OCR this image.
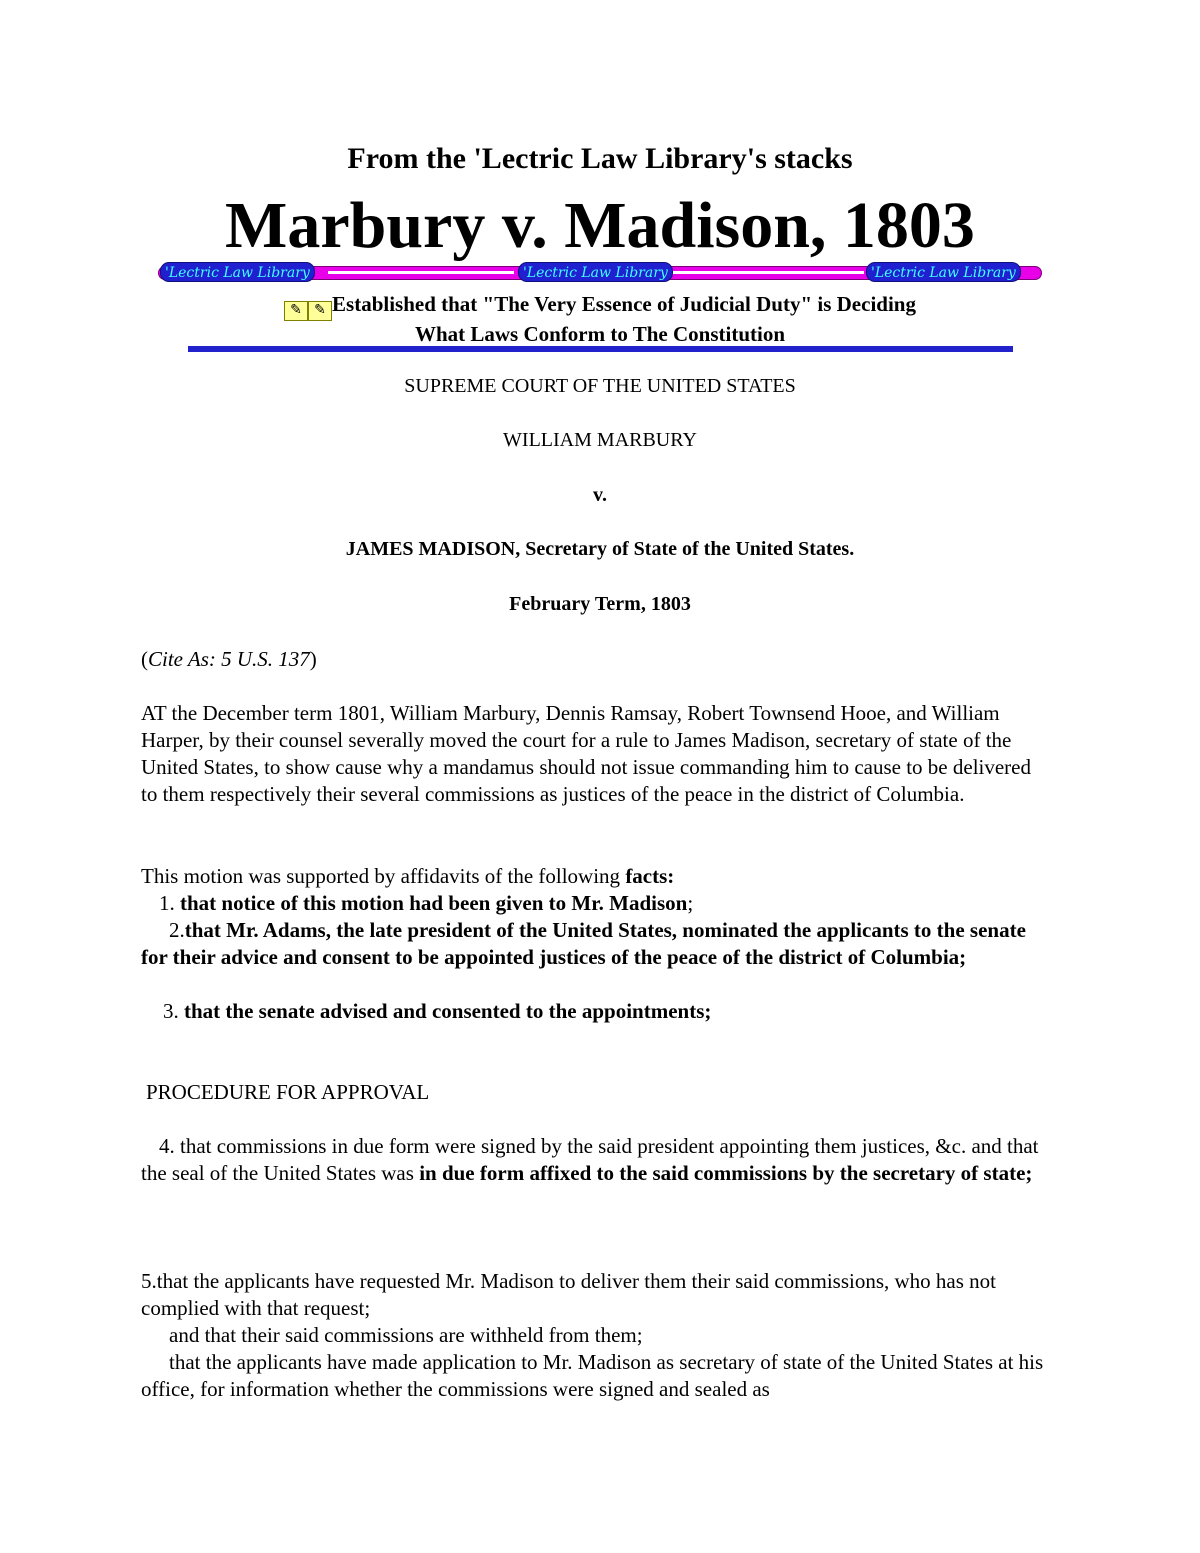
From the 'Lectric Law Library's stacks
Marbury v. Madison, 1803
'Lectric Law Library	'Lectric Law Library	'Lectric Law Library
✎ ✎ Established that "The Very Essence of Judicial Duty" is Deciding
What Laws Conform to The Constitution
SUPREME COURT OF THE UNITED STATES
WILLIAM MARBURY
v.
JAMES MADISON, Secretary of State of the United States.
February Term, 1803
(Cite As: 5 U.S. 137)
AT the December term 1801, William Marbury, Dennis Ramsay, Robert Townsend Hooe, and William Harper, by their counsel severally moved the court for a rule to James Madison, secretary of state of the United States, to show cause why a mandamus should not issue commanding him to cause to be delivered to them respectively their several commissions as justices of the peace in the district of Columbia.
This motion was supported by affidavits of the following facts:
1. that notice of this motion had been given to Mr. Madison;
2.that Mr. Adams, the late president of the United States, nominated the applicants to the senate for their advice and consent to be appointed justices of the peace of the district of Columbia;
3. that the senate advised and consented to the appointments;
PROCEDURE FOR APPROVAL
4. that commissions in due form were signed by the said president appointing them justices, &c. and that the seal of the United States was in due form affixed to the said commissions by the secretary of state;
5.that the applicants have requested Mr. Madison to deliver them their said commissions, who has not complied with that request;
and that their said commissions are withheld from them;
that the applicants have made application to Mr. Madison as secretary of state of the United States at his office, for information whether the commissions were signed and sealed as
